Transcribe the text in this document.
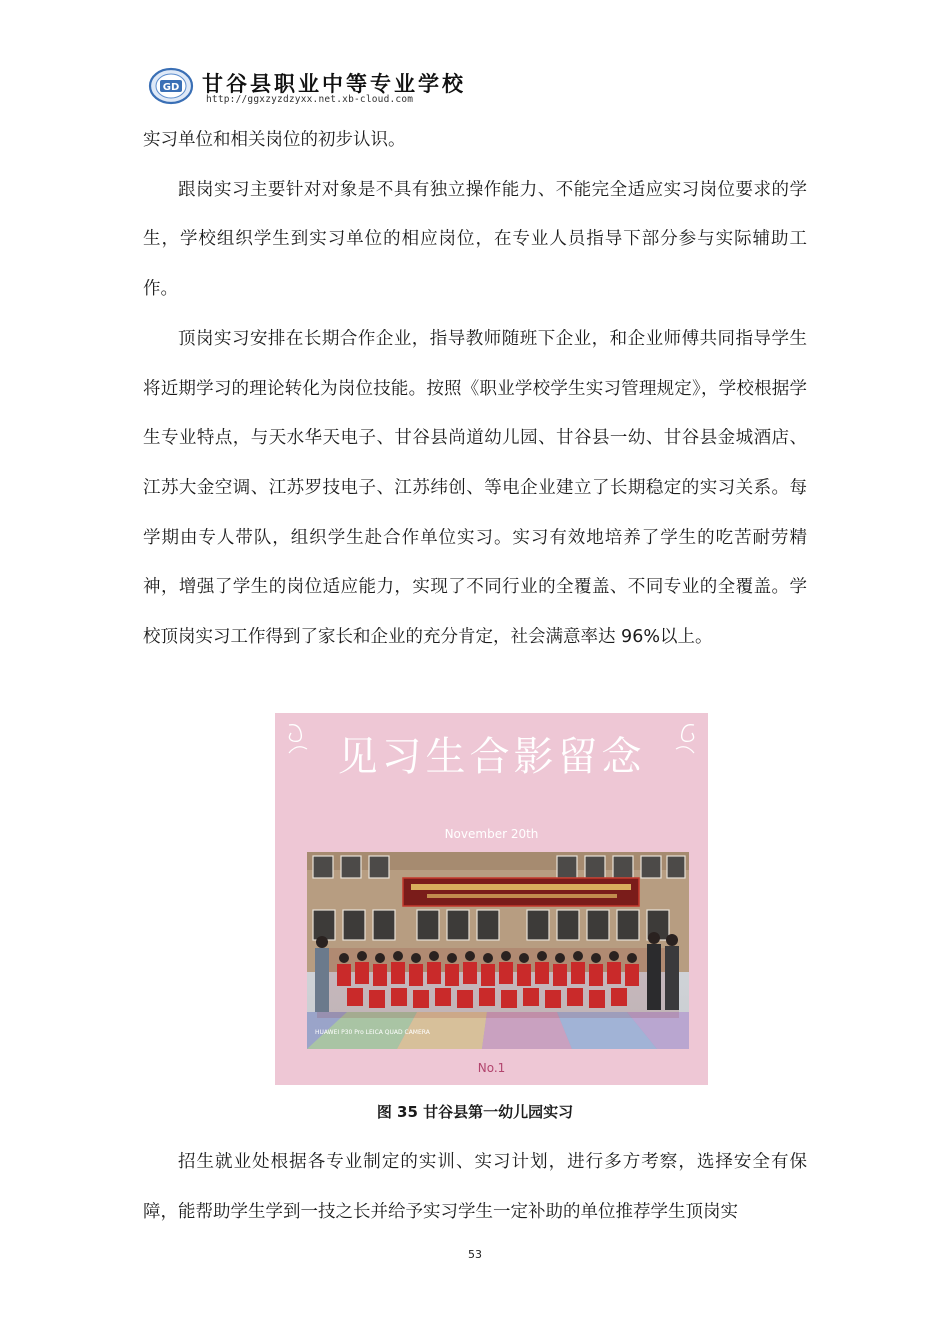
GD 甘谷县职业中等专业学校
http://ggxzyzdzyxx.net.xb-cloud.com

实习单位和相关岗位的初步认识。

跟岗实习主要针对对象是不具有独立操作能力、不能完全适应实习岗位要求的学生，学校组织学生到实习单位的相应岗位，在专业人员指导下部分参与实际辅助工作。

顶岗实习安排在长期合作企业，指导教师随班下企业，和企业师傅共同指导学生将近期学习的理论转化为岗位技能。按照《职业学校学生实习管理规定》，学校根据学生专业特点，与天水华天电子、甘谷县尚道幼儿园、甘谷县一幼、甘谷县金城酒店、江苏大金空调、江苏罗技电子、江苏纬创、等电企业建立了长期稳定的实习关系。每学期由专人带队，组织学生赴合作单位实习。实习有效地培养了学生的吃苦耐劳精神，增强了学生的岗位适应能力，实现了不同行业的全覆盖、不同专业的全覆盖。学校顶岗实习工作得到了家长和企业的充分肯定，社会满意率达 96%以上。

见习生合影留念
November 20th
HUAWEI P30 Pro LEICA QUAD CAMERA
No.1
图 35 甘谷县第一幼儿园实习

招生就业处根据各专业制定的实训、实习计划，进行多方考察，选择安全有保障，能帮助学生学到一技之长并给予实习学生一定补助的单位推荐学生顶岗实

53
